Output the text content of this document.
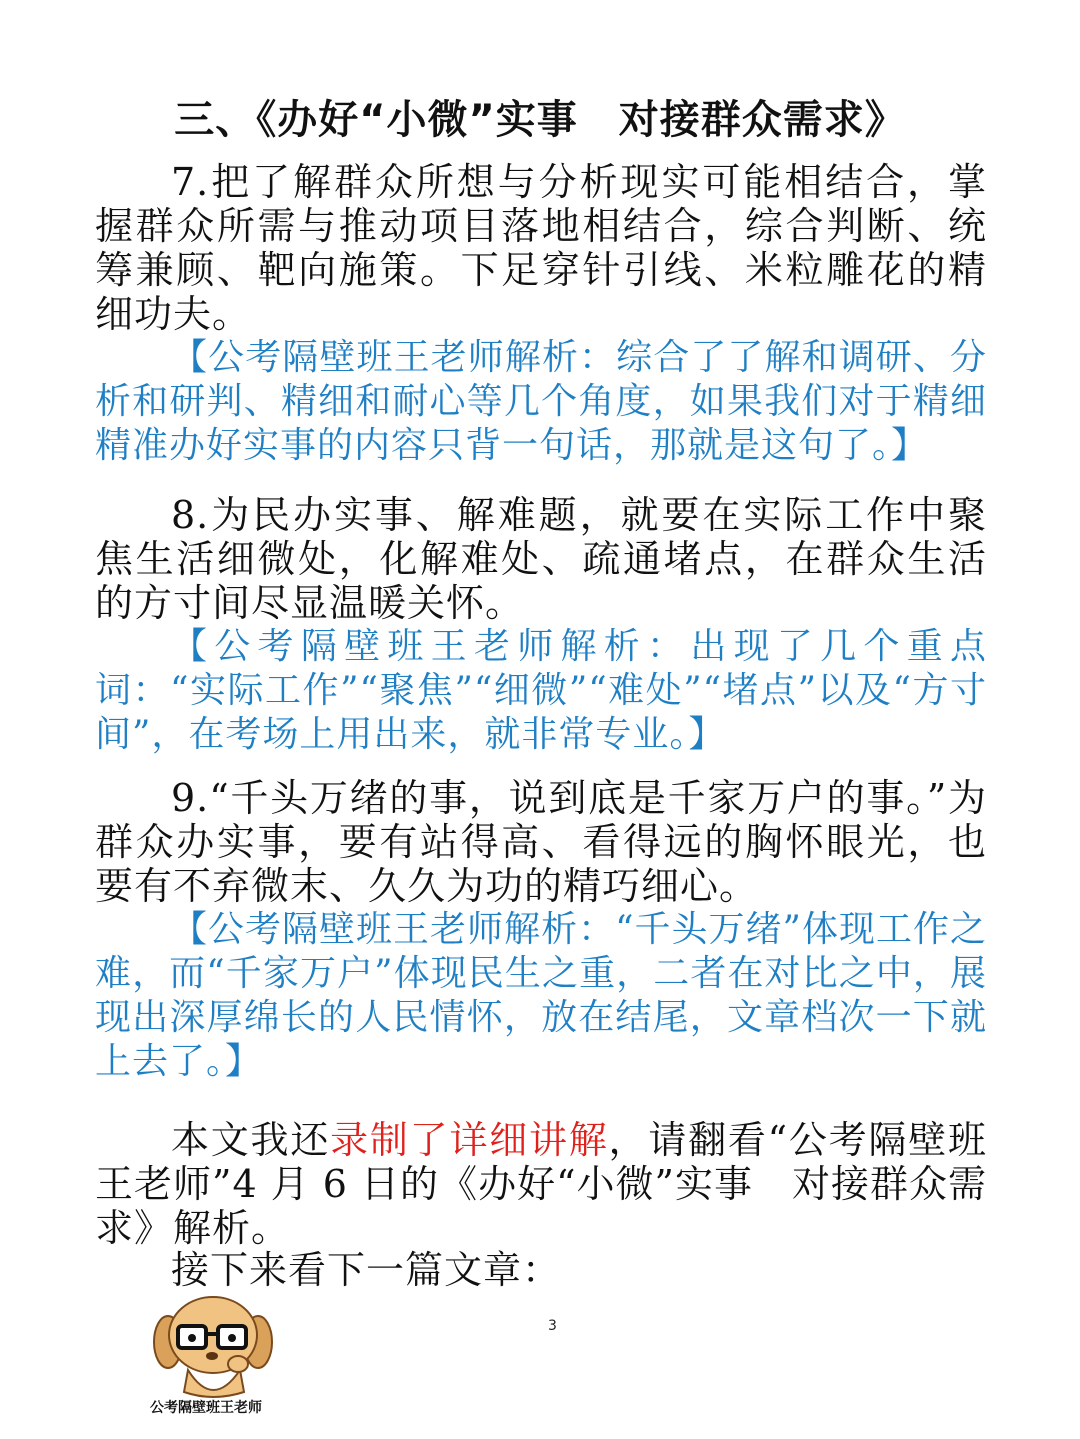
三、《办好“小微”实事　对接群众需求》

7.把了解群众所想与分析现实可能相结合，掌握群众所需与推动项目落地相结合，综合判断、统筹兼顾、靶向施策。下足穿针引线、米粒雕花的精细功夫。

【公考隔壁班王老师解析：综合了了解和调研、分析和研判、精细和耐心等几个角度，如果我们对于精细精准办好实事的内容只背一句话，那就是这句了。】

8.为民办实事、解难题，就要在实际工作中聚焦生活细微处，化解难处、疏通堵点，在群众生活的方寸间尽显温暖关怀。

【公考隔壁班王老师解析：出现了几个重点词：“实际工作”“聚焦”“细微”“难处”“堵点”以及“方寸间”，在考场上用出来，就非常专业。】

9.“千头万绪的事，说到底是千家万户的事。”为群众办实事，要有站得高、看得远的胸怀眼光，也要有不弃微末、久久为功的精巧细心。

【公考隔壁班王老师解析：“千头万绪”体现工作之难，而“千家万户”体现民生之重，二者在对比之中，展现出深厚绵长的人民情怀，放在结尾，文章档次一下就上去了。】

本文我还录制了详细讲解，请翻看“公考隔壁班王老师”4 月 6 日的《办好“小微”实事　对接群众需求》解析。

接下来看下一篇文章：

3
公考隔壁班王老师
